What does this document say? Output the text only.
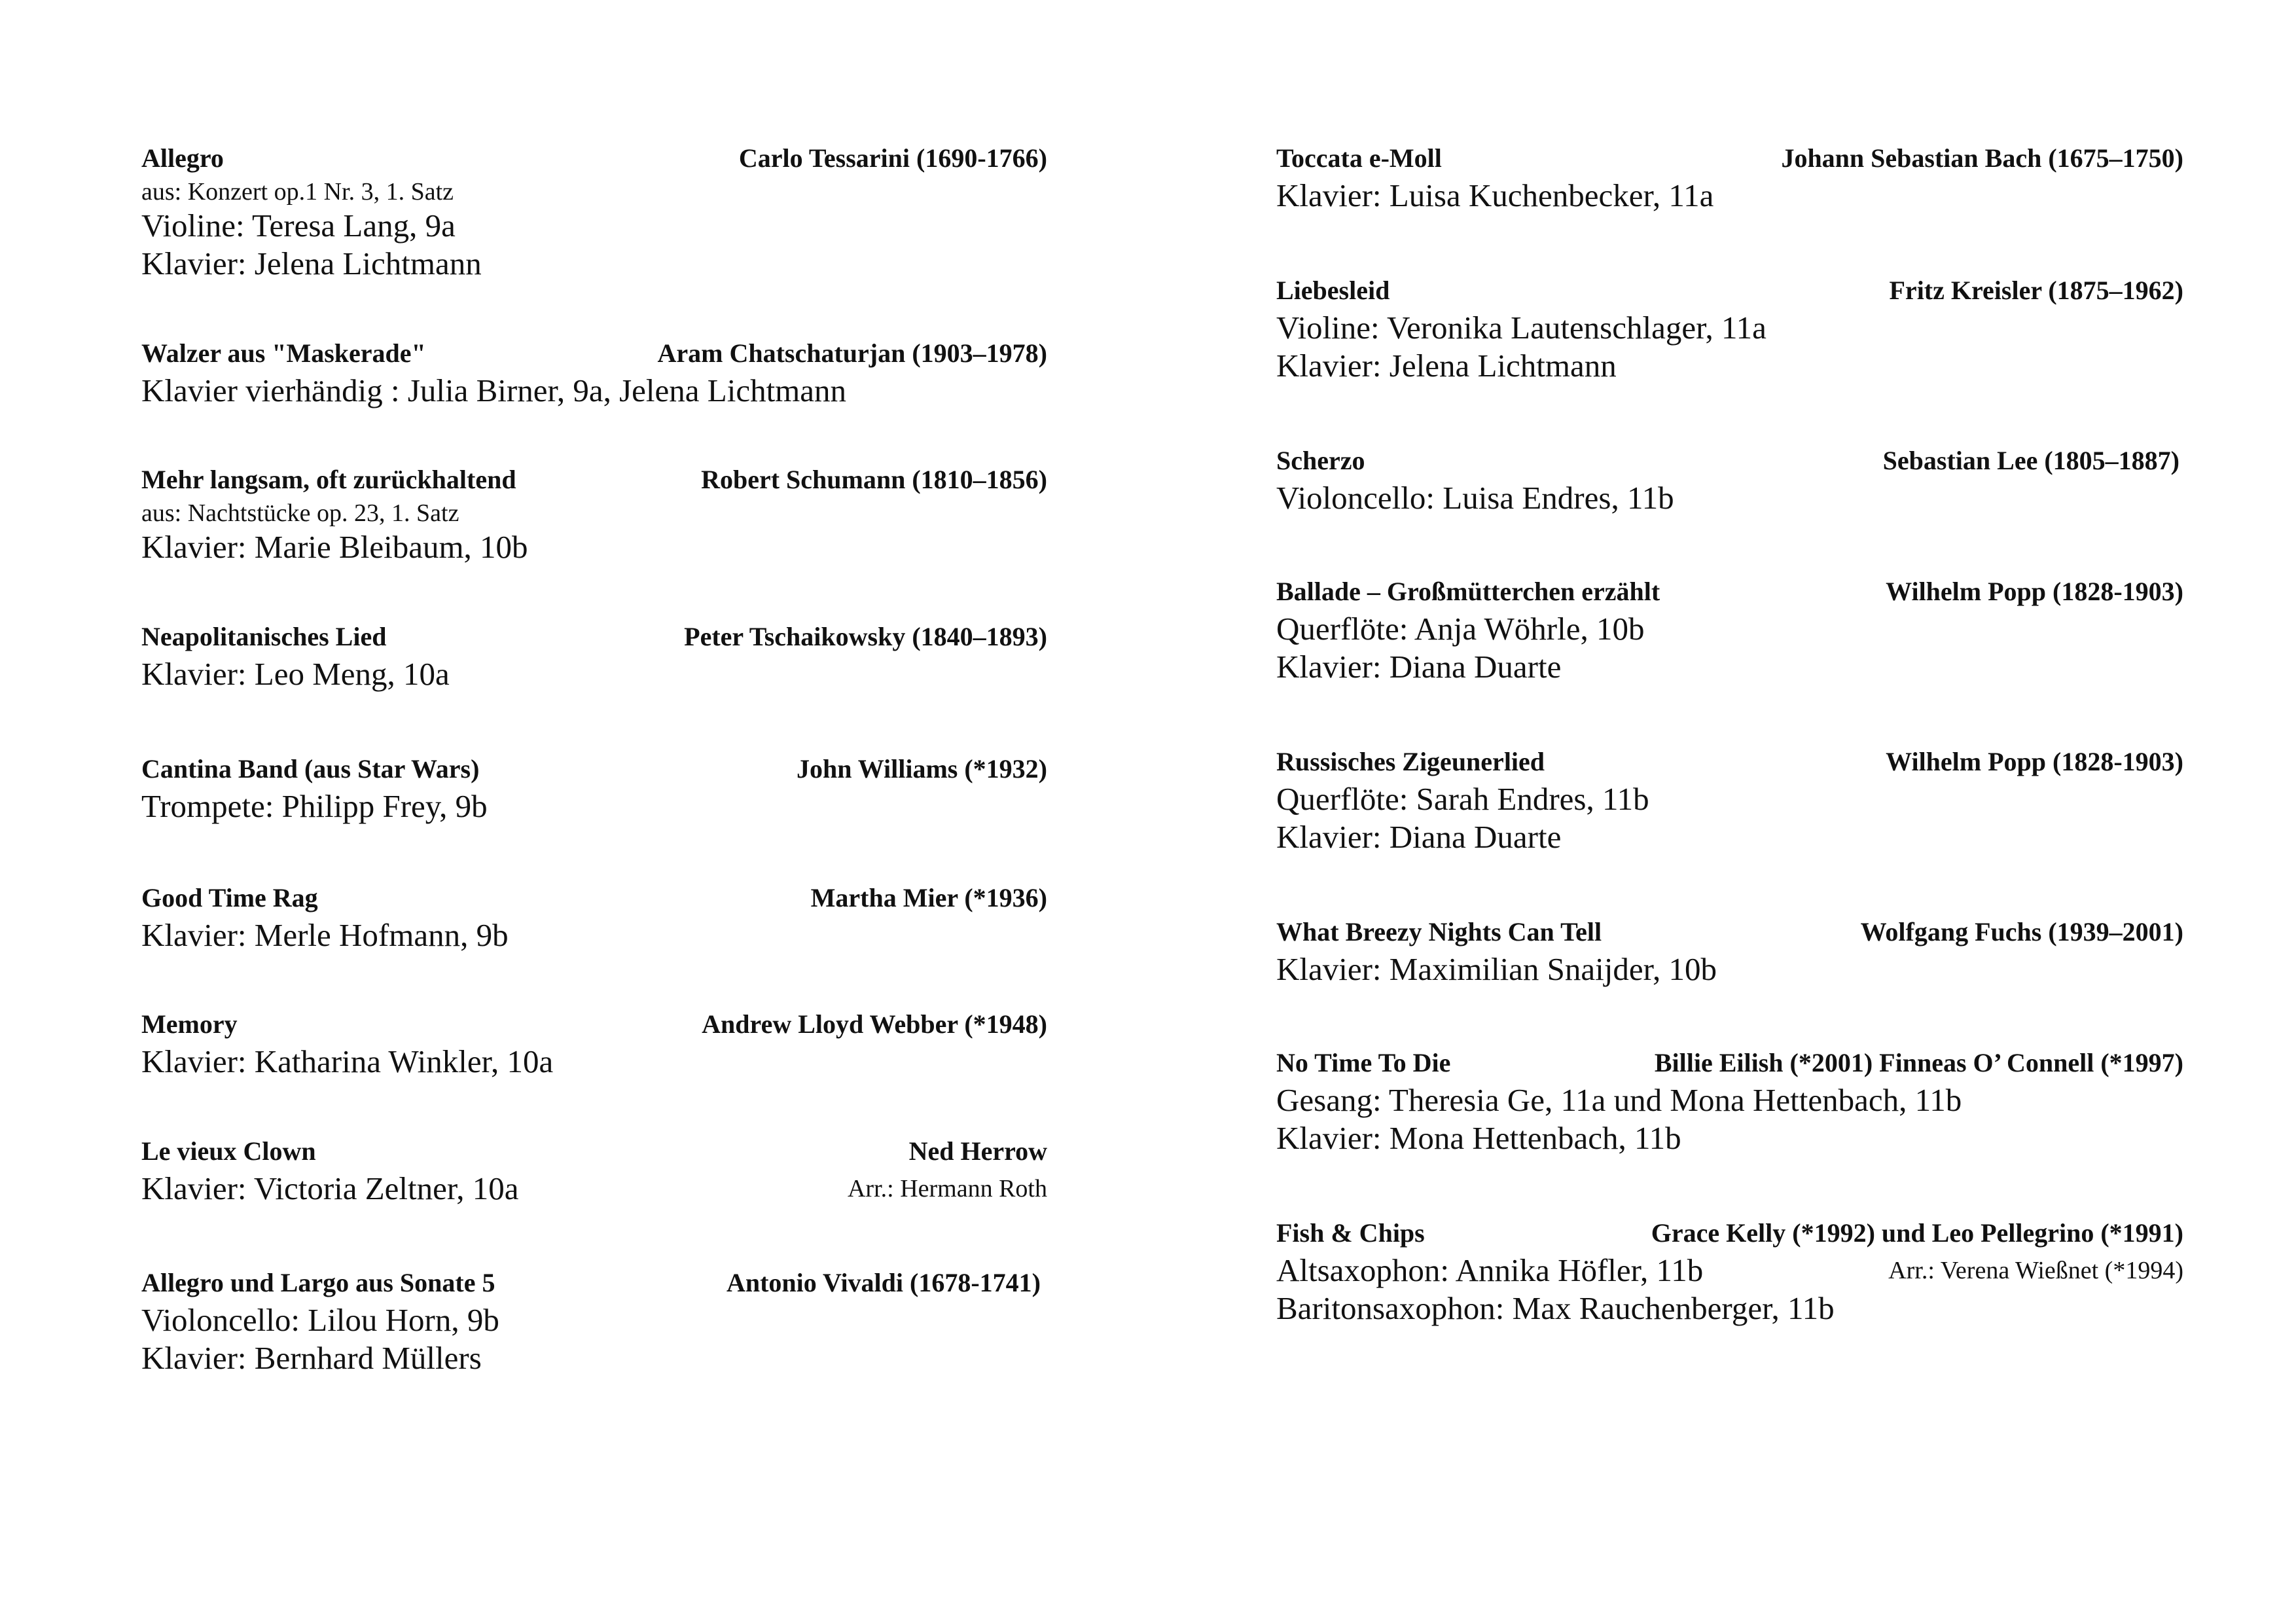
Allegro	Carlo Tessarini (1690-1766)
aus: Konzert op.1 Nr. 3, 1. Satz
Violine: Teresa Lang, 9a
Klavier: Jelena Lichtmann
Walzer aus "Maskerade"	Aram Chatschaturjan (1903–1978)
Klavier vierhändig : Julia Birner, 9a, Jelena Lichtmann
Mehr langsam, oft zurückhaltend	Robert Schumann (1810–1856)
aus: Nachtstücke op. 23, 1. Satz
Klavier: Marie Bleibaum, 10b
Neapolitanisches Lied	Peter Tschaikowsky (1840–1893)
Klavier: Leo Meng, 10a
Cantina Band (aus Star Wars)	John Williams (*1932)
Trompete: Philipp Frey, 9b
Good Time Rag	Martha Mier (*1936)
Klavier: Merle Hofmann, 9b
Memory	Andrew Lloyd Webber (*1948)
Klavier: Katharina Winkler, 10a
Le vieux Clown	Ned Herrow
Arr.: Hermann Roth
Klavier: Victoria Zeltner, 10a
Allegro und Largo aus Sonate 5	Antonio Vivaldi (1678-1741)
Violoncello: Lilou Horn, 9b
Klavier: Bernhard Müllers
Toccata e-Moll	Johann Sebastian Bach (1675–1750)
Klavier: Luisa Kuchenbecker, 11a
Liebesleid	Fritz Kreisler (1875–1962)
Violine: Veronika Lautenschlager, 11a
Klavier: Jelena Lichtmann
Scherzo	Sebastian Lee (1805–1887)
Violoncello: Luisa Endres, 11b
Ballade – Großmütterchen erzählt	Wilhelm Popp (1828-1903)
Querflöte: Anja Wöhrle, 10b
Klavier: Diana Duarte
Russisches Zigeunerlied	Wilhelm Popp (1828-1903)
Querflöte: Sarah Endres, 11b
Klavier: Diana Duarte
What Breezy Nights Can Tell	Wolfgang Fuchs (1939–2001)
Klavier: Maximilian Snaijder, 10b
No Time To Die	Billie Eilish (*2001) Finneas O’ Connell (*1997)
Gesang: Theresia Ge, 11a und Mona Hettenbach, 11b
Klavier: Mona Hettenbach, 11b
Fish & Chips	Grace Kelly (*1992) und Leo Pellegrino (*1991)
Arr.: Verena Wießnet (*1994)
Altsaxophon: Annika Höfler, 11b
Baritonsaxophon: Max Rauchenberger, 11b
